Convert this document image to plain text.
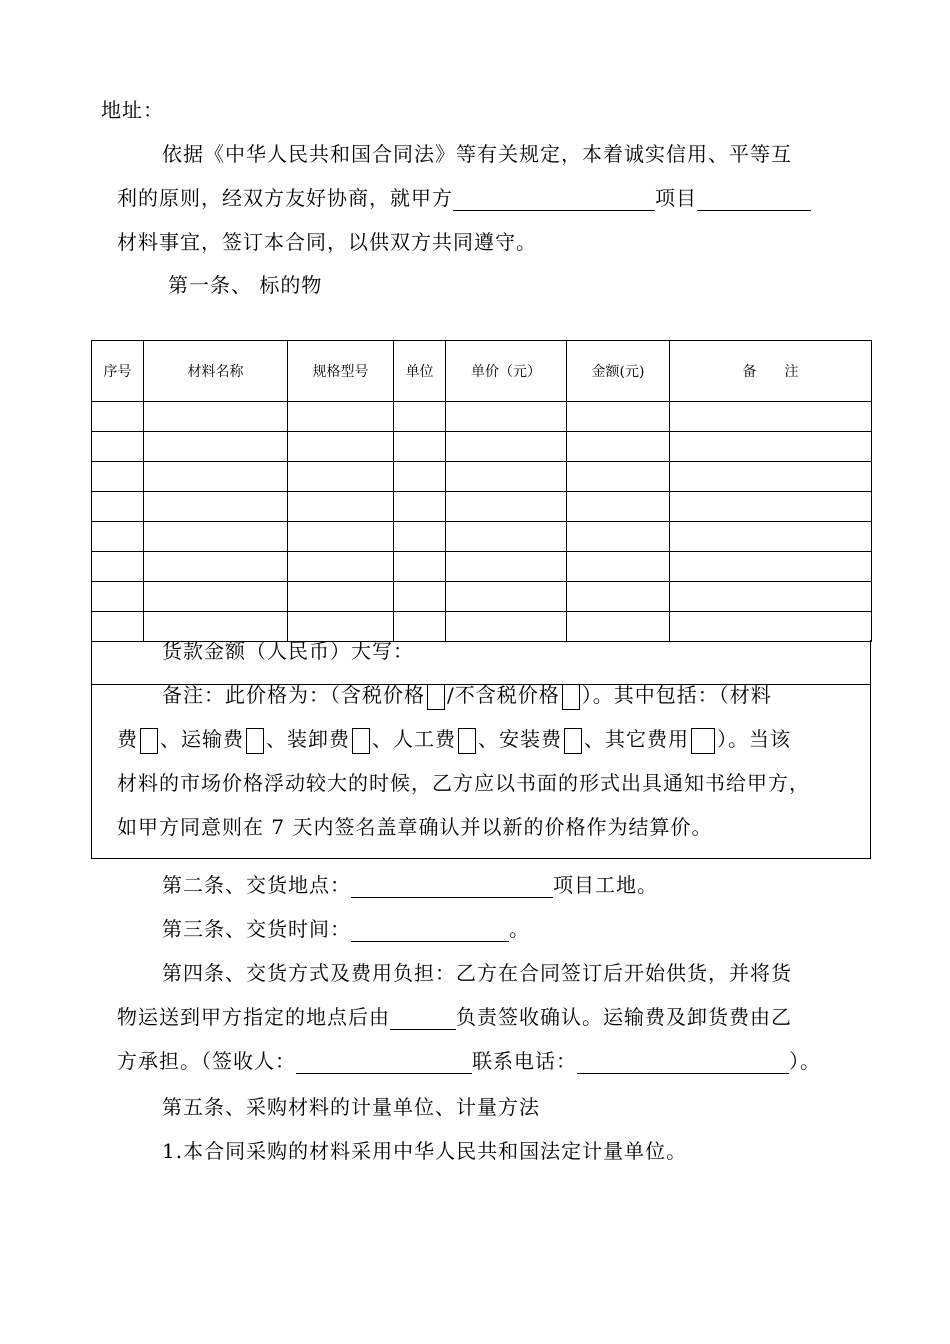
地址：
依据《中华人民共和国合同法》等有关规定，本着诚实信用、平等互
利的原则，经双方友好协商，就甲方	项目
材料事宜，签订本合同，以供双方共同遵守。
第一条、 标的物
序号	材料名称	规格型号	单位	单价（元）	金额(元)	备　　注

货款金额（人民币）大写：
备注：此价格为：（含税价格 /不含税价格 ）。其中包括：（材料
费 、运输费 、装卸费 、人工费 、安装费 、其它费用 ）。当该
材料的市场价格浮动较大的时候，乙方应以书面的形式出具通知书给甲方，
如甲方同意则在 7 天内签名盖章确认并以新的价格作为结算价。
第二条、交货地点：	项目工地。
第三条、交货时间：	。
第四条、交货方式及费用负担：乙方在合同签订后开始供货，并将货
物运送到甲方指定的地点后由	负责签收确认。运输费及卸货费由乙
方承担。（签收人：	联系电话：	）。
第五条、采购材料的计量单位、计量方法
1.本合同采购的材料采用中华人民共和国法定计量单位。
